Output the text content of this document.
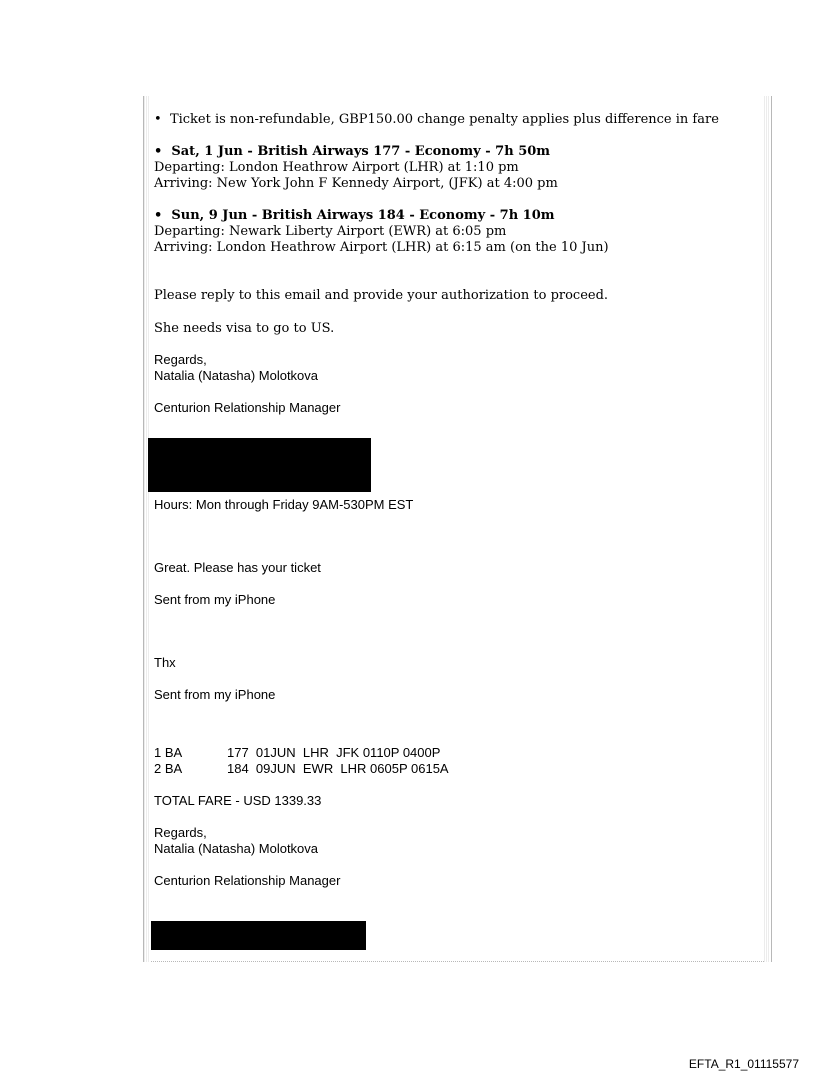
•  Ticket is non-refundable, GBP150.00 change penalty applies plus difference in fare
•  Sat, 1 Jun - British Airways 177 - Economy - 7h 50m
Departing: London Heathrow Airport (LHR) at 1:10 pm
Arriving: New York John F Kennedy Airport, (JFK) at 4:00 pm
•  Sun, 9 Jun - British Airways 184 - Economy - 7h 10m
Departing: Newark Liberty Airport (EWR) at 6:05 pm
Arriving: London Heathrow Airport (LHR) at 6:15 am (on the 10 Jun)
Please reply to this email and provide your authorization to proceed.
She needs visa to go to US.
Regards,
Natalia (Natasha) Molotkova
Centurion Relationship Manager
Hours: Mon through Friday 9AM-530PM EST
Great. Please has your ticket
Sent from my iPhone
Thx
Sent from my iPhone
1 BA	177  01JUN  LHR  JFK 0110P 0400P
2 BA	184  09JUN  EWR  LHR 0605P 0615A
TOTAL FARE - USD 1339.33
Regards,
Natalia (Natasha) Molotkova
Centurion Relationship Manager
EFTA_R1_01115577
